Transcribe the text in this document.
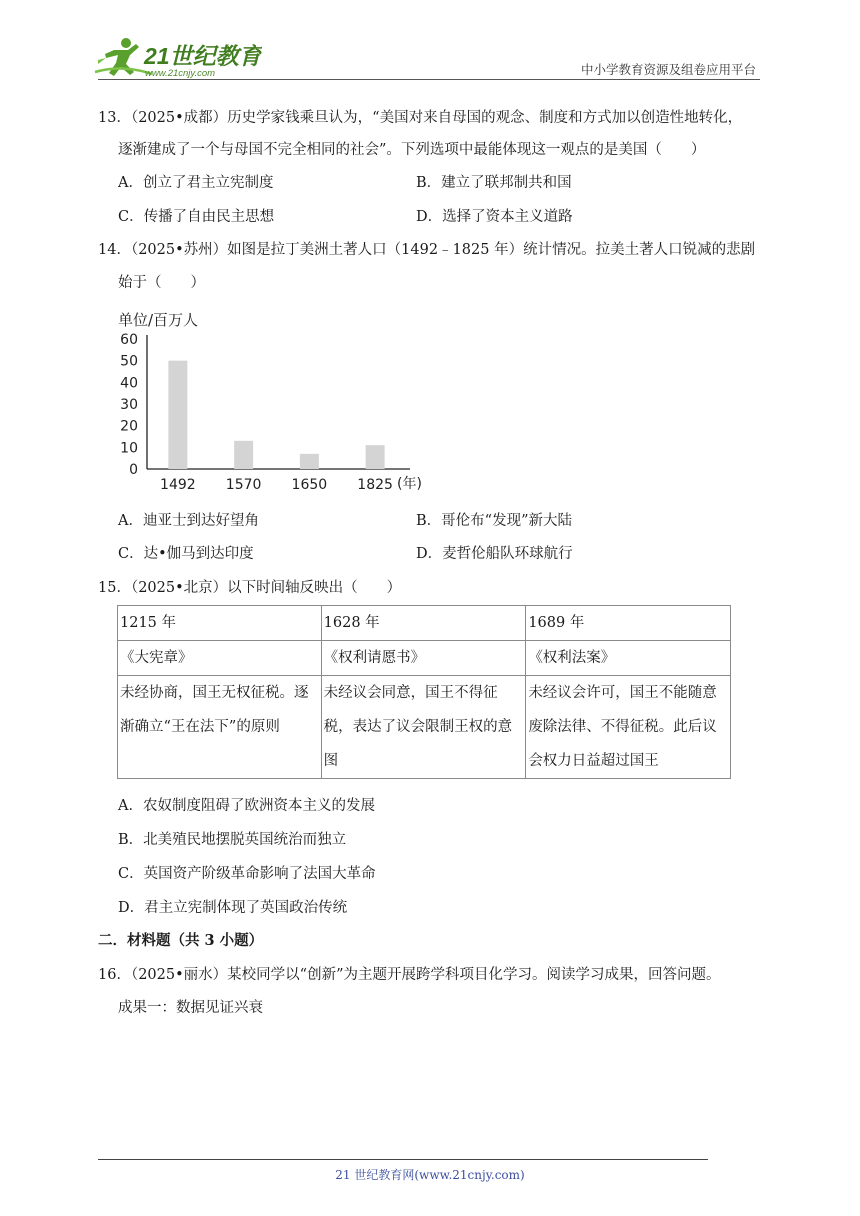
21世纪教育
www.21cnjy.com	中小学教育资源及组卷应用平台
13．（2025•成都）历史学家钱乘旦认为，“美国对来自母国的观念、制度和方式加以创造性地转化，
逐渐建成了一个与母国不完全相同的社会”。下列选项中最能体现这一观点的是美国（　　）
A．创立了君主立宪制度	B．建立了联邦制共和国
C．传播了自由民主思想	D．选择了资本主义道路
14．（2025•苏州）如图是拉丁美洲土著人口（1492﹣1825 年）统计情况。拉美土著人口锐减的悲剧
始于（　　）
单位/百万人
0
10
20
30
40
50
60
1492 1570 1650 1825 (年)
A．迪亚士到达好望角	B．哥伦布“发现”新大陆
C．达•伽马到达印度	D．麦哲伦船队环球航行
15．（2025•北京）以下时间轴反映出（　　）
1215 年	1628 年	1689 年
《大宪章》	《权利请愿书》	《权利法案》
未经协商，国王无权征税。逐渐确立“王在法下”的原则	未经议会同意，国王不得征税，表达了议会限制王权的意图	未经议会许可，国王不能随意废除法律、不得征税。此后议会权力日益超过国王
A．农奴制度阻碍了欧洲资本主义的发展
B．北美殖民地摆脱英国统治而独立
C．英国资产阶级革命影响了法国大革命
D．君主立宪制体现了英国政治传统
二．材料题（共 3 小题）
16．（2025•丽水）某校同学以“创新”为主题开展跨学科项目化学习。阅读学习成果，回答问题。
成果一：数据见证兴衰
21 世纪教育网(www.21cnjy.com)
